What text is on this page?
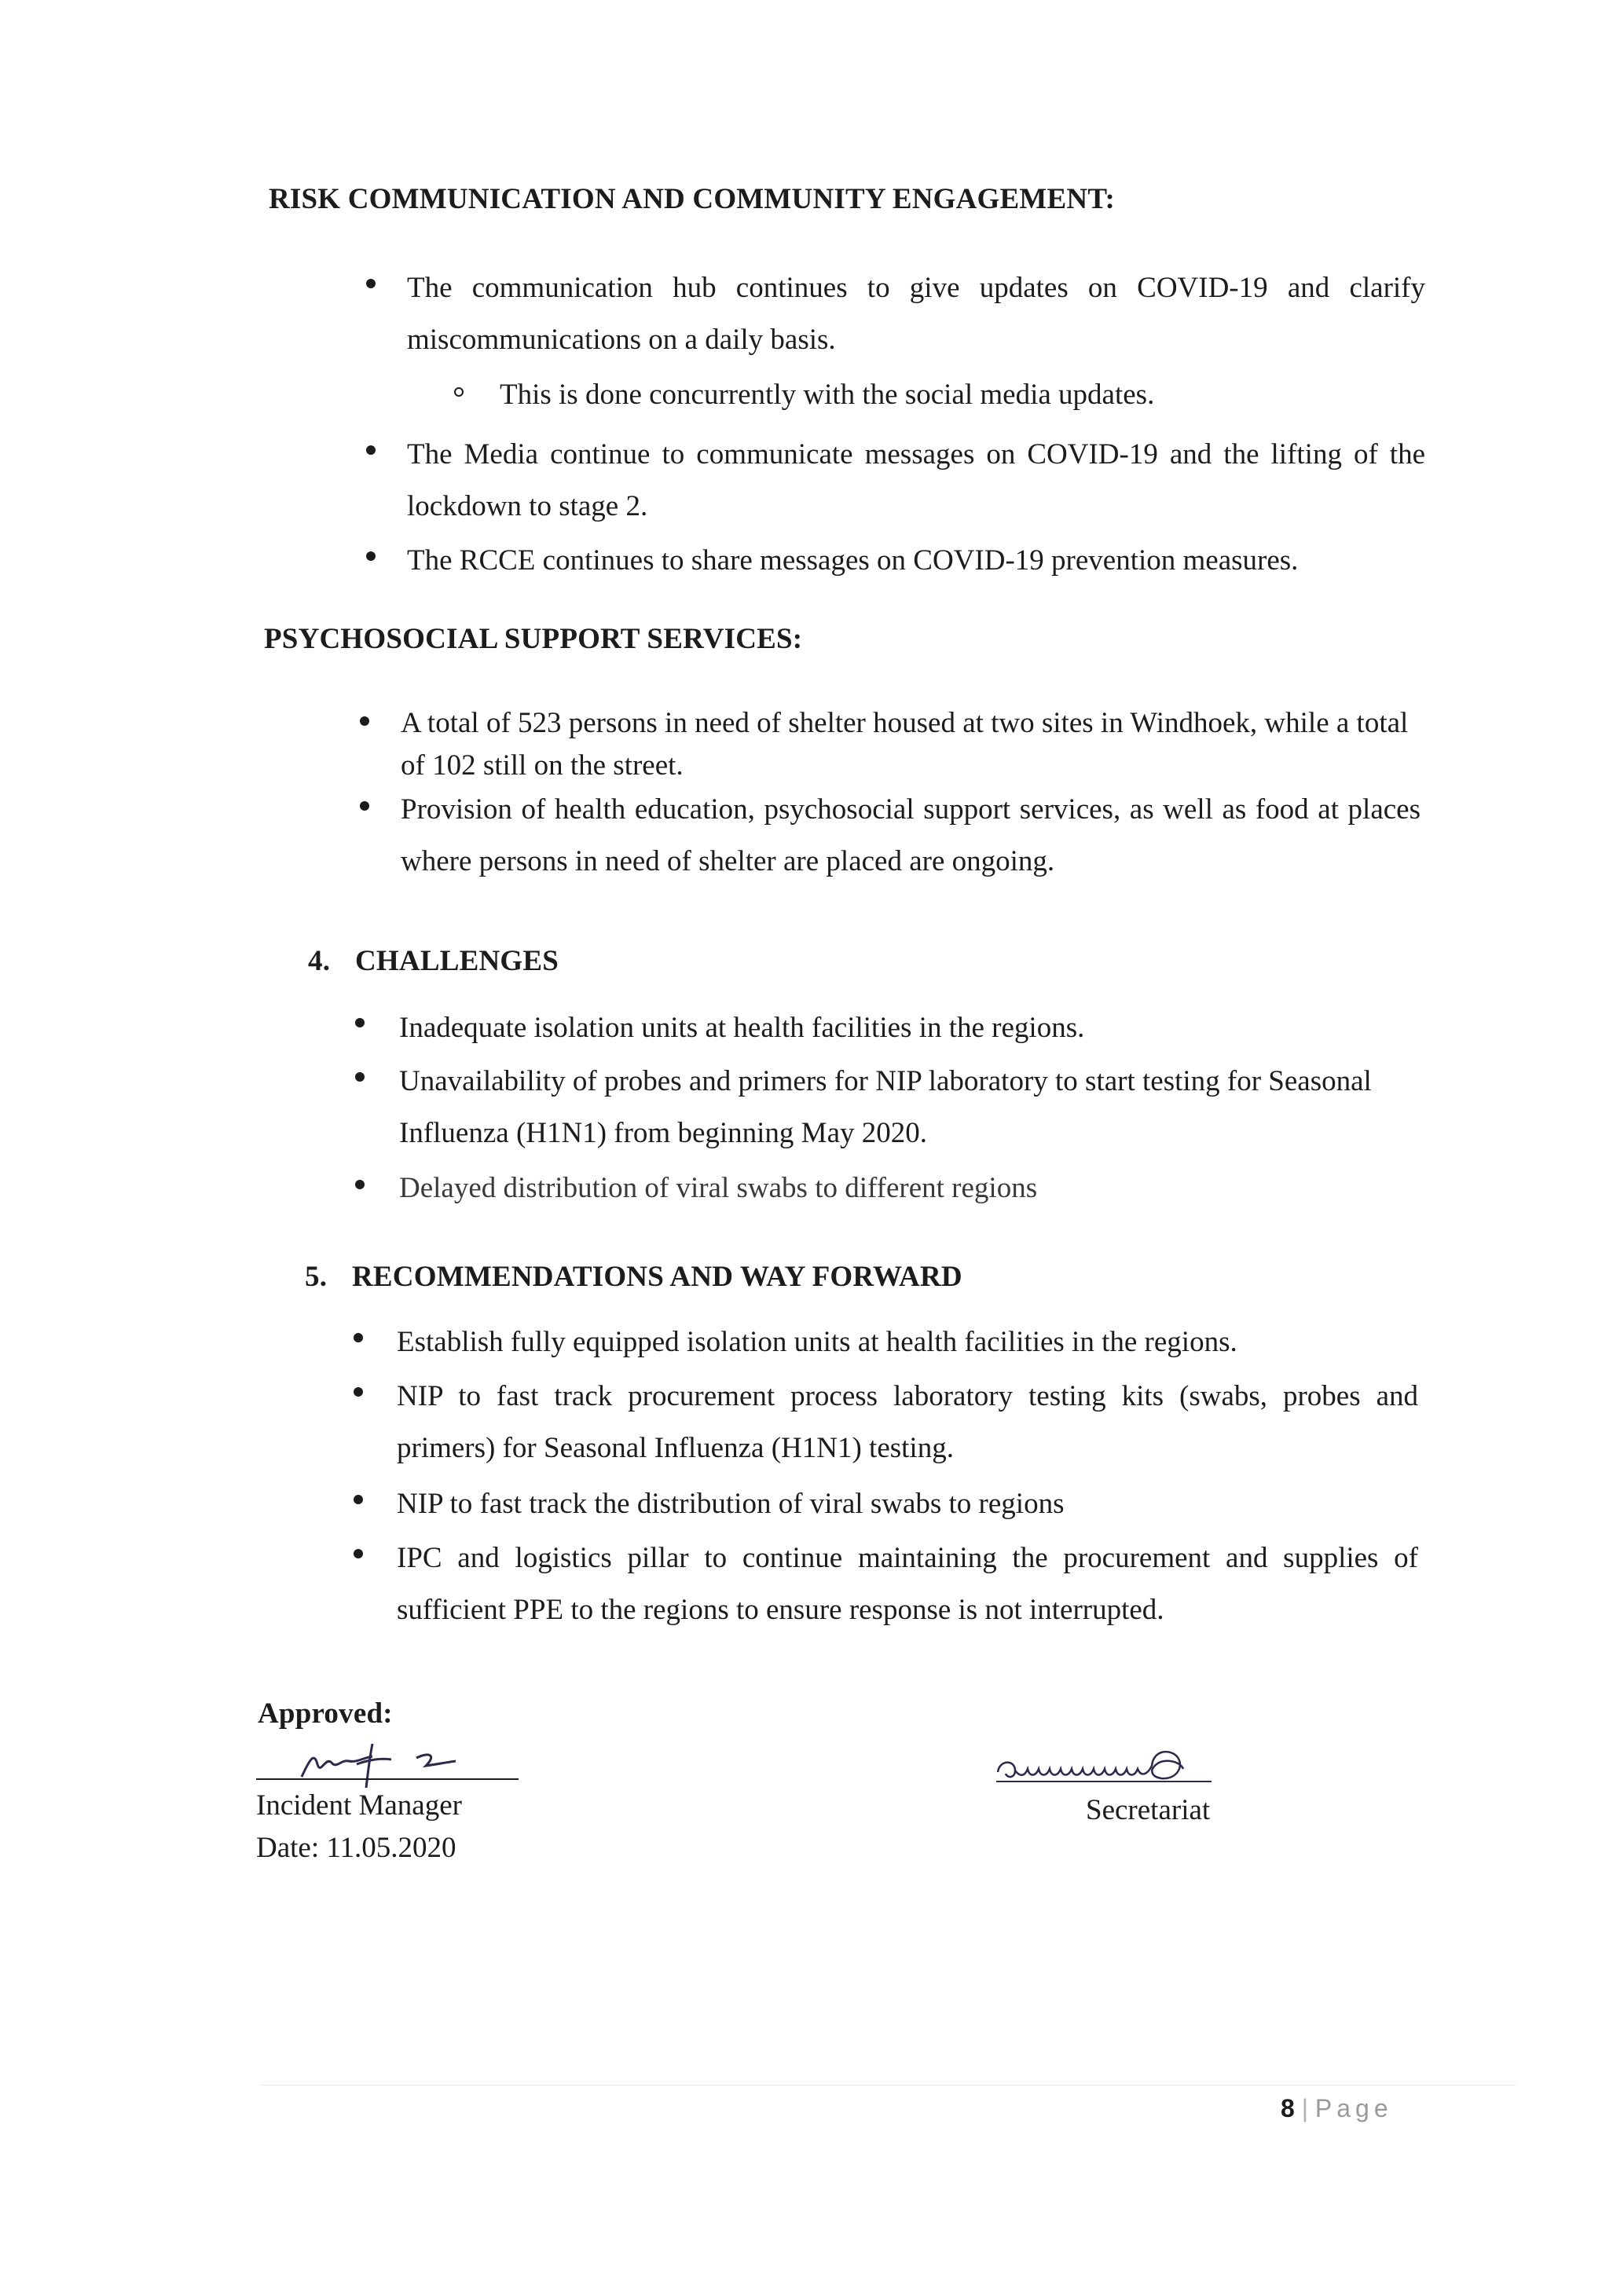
RISK COMMUNICATION AND COMMUNITY ENGAGEMENT:
The communication hub continues to give updates on COVID-19 and clarify miscommunications on a daily basis.
This is done concurrently with the social media updates.
The Media continue to communicate messages on COVID-19 and the lifting of the lockdown to stage 2.
The RCCE continues to share messages on COVID-19 prevention measures.
PSYCHOSOCIAL SUPPORT SERVICES:
A total of 523 persons in need of shelter housed at two sites in Windhoek, while a total of 102 still on the street.
Provision of health education, psychosocial support services, as well as food at places where persons in need of shelter are placed are ongoing.
4. CHALLENGES
Inadequate isolation units at health facilities in the regions.
Unavailability of probes and primers for NIP laboratory to start testing for Seasonal Influenza (H1N1) from beginning May 2020.
Delayed distribution of viral swabs to different regions
5. RECOMMENDATIONS AND WAY FORWARD
Establish fully equipped isolation units at health facilities in the regions.
NIP to fast track procurement process laboratory testing kits (swabs, probes and primers) for Seasonal Influenza (H1N1) testing.
NIP to fast track the distribution of viral swabs to regions
IPC and logistics pillar to continue maintaining the procurement and supplies of sufficient PPE to the regions to ensure response is not interrupted.
Approved:
Incident Manager
Date: 11.05.2020
Secretariat
8 | Page
